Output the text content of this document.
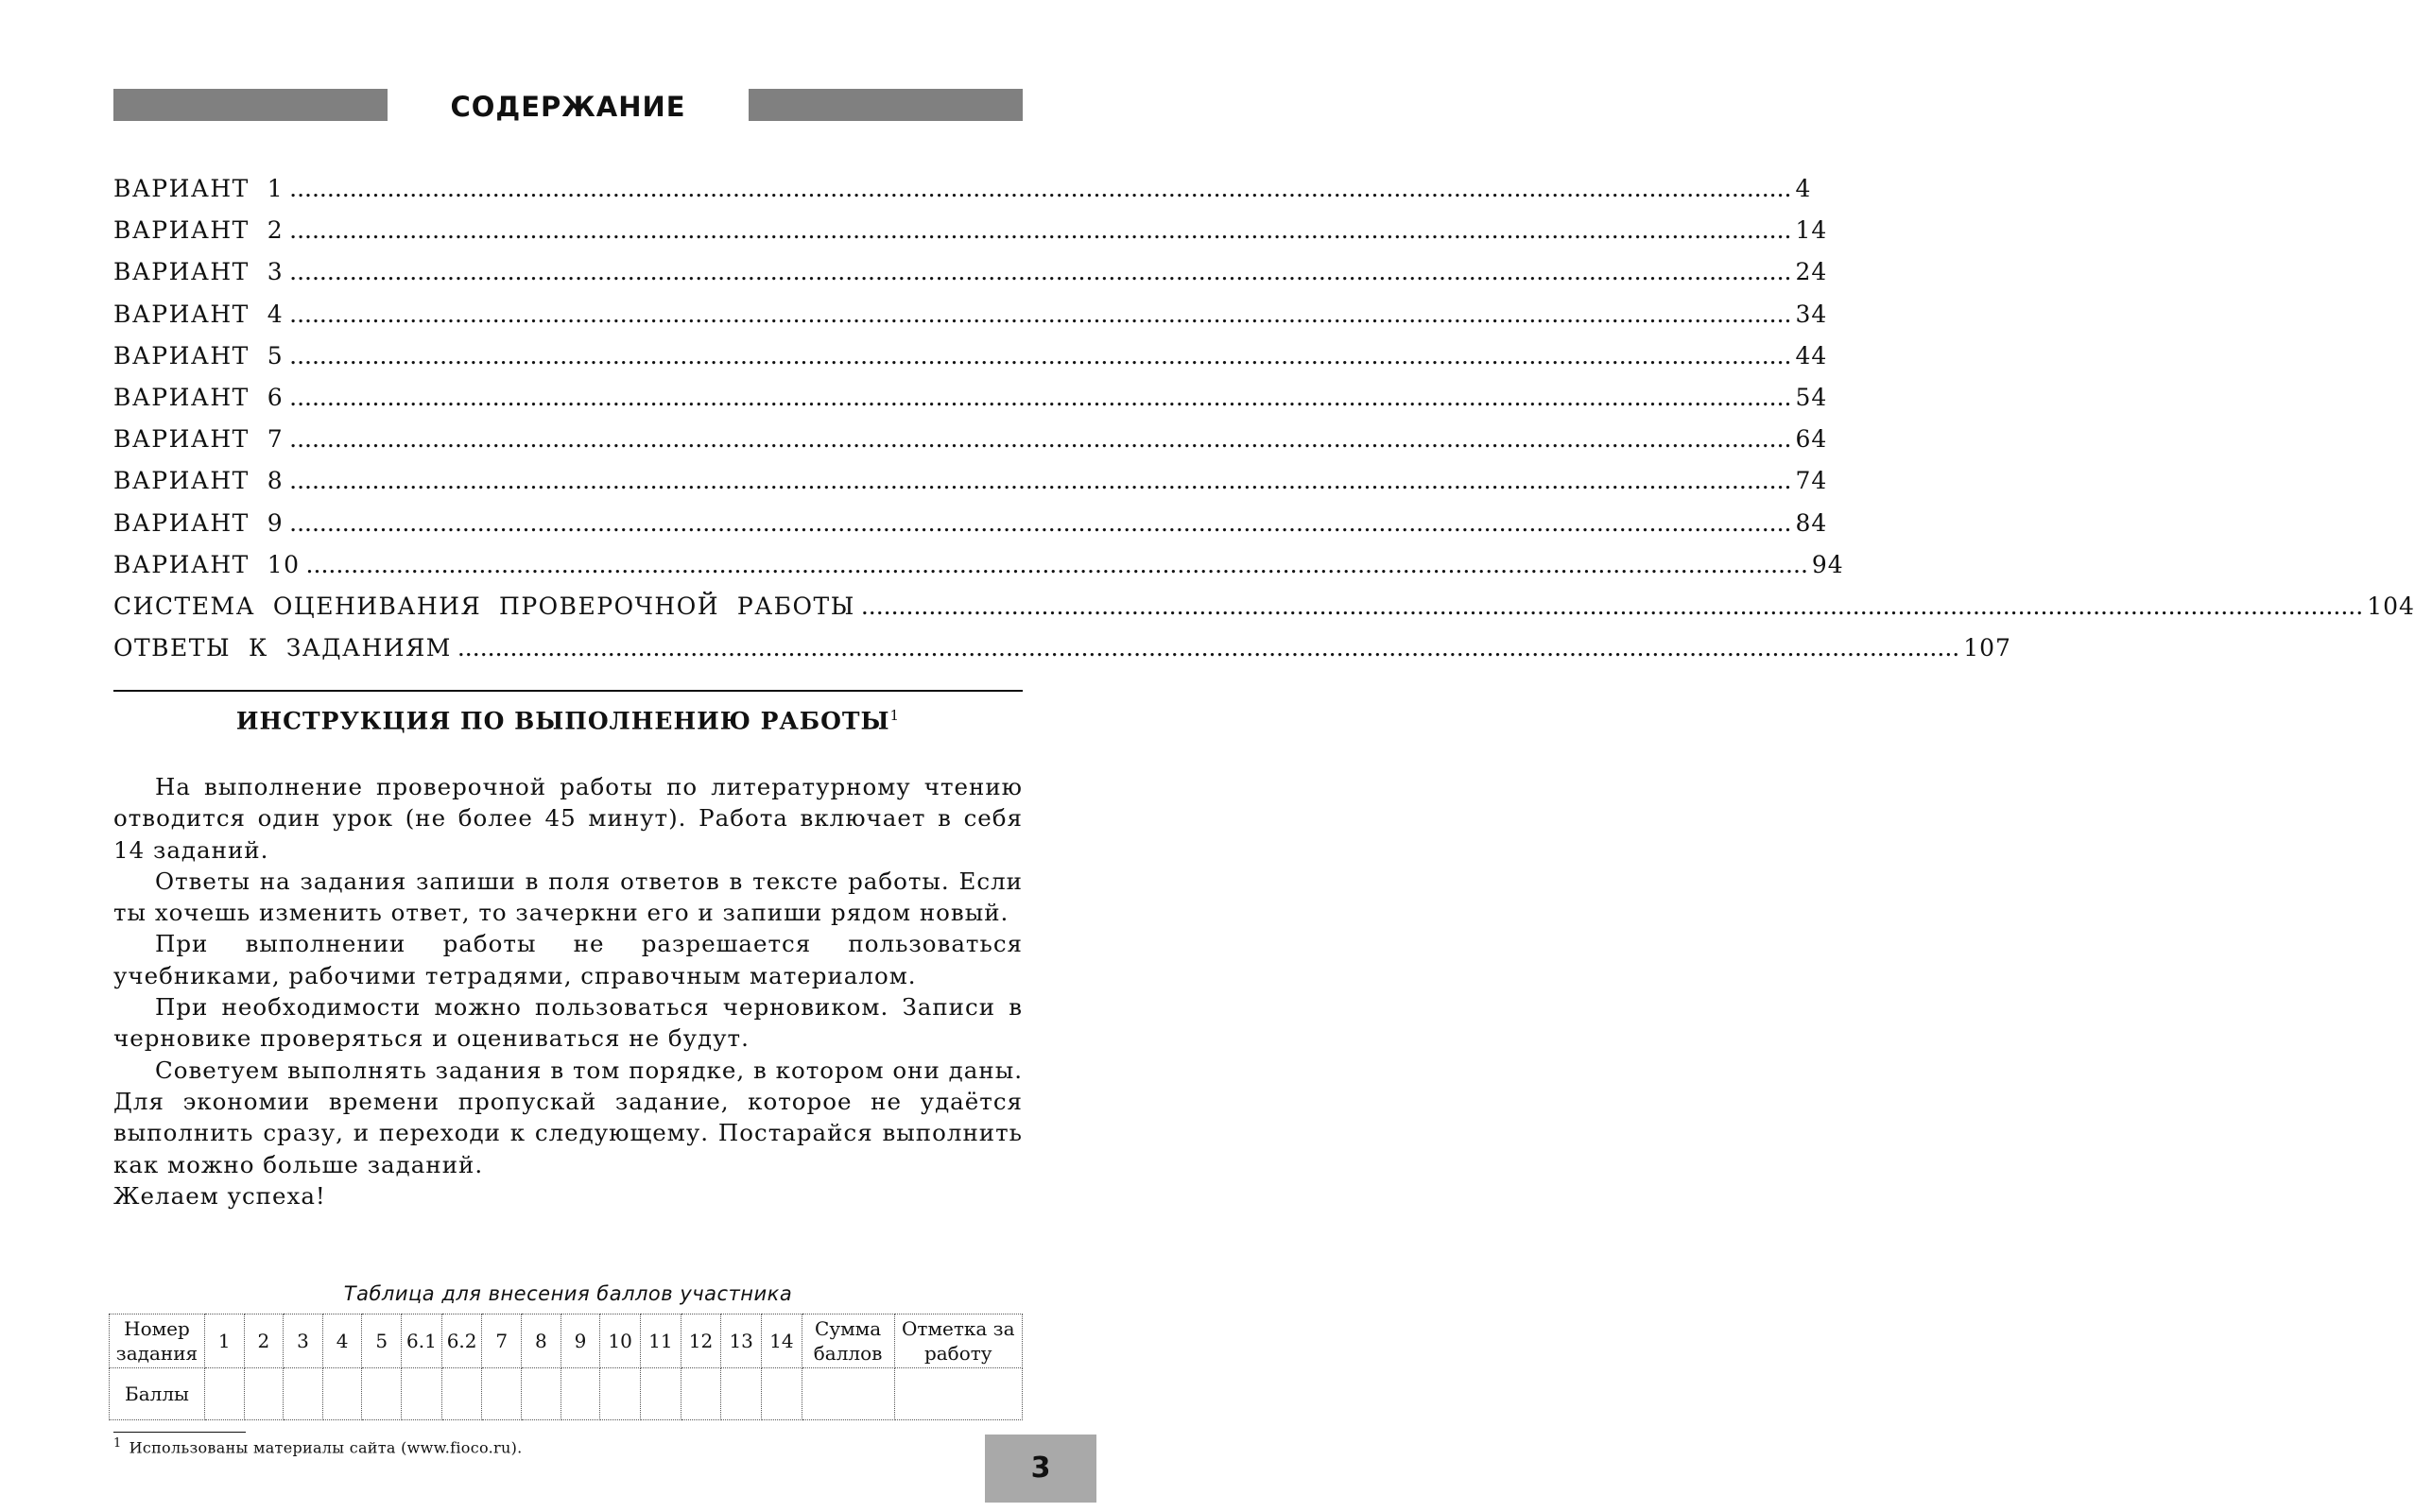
СОДЕРЖАНИЕ
ВАРИАНТ  1 ........................................................................................................................................................................................................ 4
ВАРИАНТ  2 ........................................................................................................................................................................................................ 14
ВАРИАНТ  3 ........................................................................................................................................................................................................ 24
ВАРИАНТ  4 ........................................................................................................................................................................................................ 34
ВАРИАНТ  5 ........................................................................................................................................................................................................ 44
ВАРИАНТ  6 ........................................................................................................................................................................................................ 54
ВАРИАНТ  7 ........................................................................................................................................................................................................ 64
ВАРИАНТ  8 ........................................................................................................................................................................................................ 74
ВАРИАНТ  9 ........................................................................................................................................................................................................ 84
ВАРИАНТ  10 ........................................................................................................................................................................................................ 94
СИСТЕМА  ОЦЕНИВАНИЯ  ПРОВЕРОЧНОЙ  РАБОТЫ ........................................................................................................................................................................................................ 104
ОТВЕТЫ  К  ЗАДАНИЯМ ........................................................................................................................................................................................................ 107
ИНСТРУКЦИЯ ПО ВЫПОЛНЕНИЮ РАБОТЫ$^1$

На выполнение проверочной работы по литературному чтению отводится один урок (не более 45 минут). Работа включает в себя 14 заданий.

Ответы на задания запиши в поля ответов в тексте работы. Если ты хочешь изменить ответ, то зачеркни его и запиши рядом новый.

При выполнении работы не разрешается пользоваться учебниками, рабочими тетрадями, справочным материалом.

При необходимости можно пользоваться черновиком. Записи в черновике проверяться и оцениваться не будут.

Советуем выполнять задания в том порядке, в котором они даны. Для экономии времени пропускай задание, которое не удаётся выполнить сразу, и переходи к следующему. Постарайся выполнить как можно больше заданий.

Желаем успеха!

Таблица для внесения баллов участника
Номер задания	1	2	3	4	5	6.1	6.2	7	8	9	10	11	12	13	14	Сумма баллов	Отметка за работу
Баллы																	
$^1$ Использованы материалы сайта (www.fioco.ru).
3
